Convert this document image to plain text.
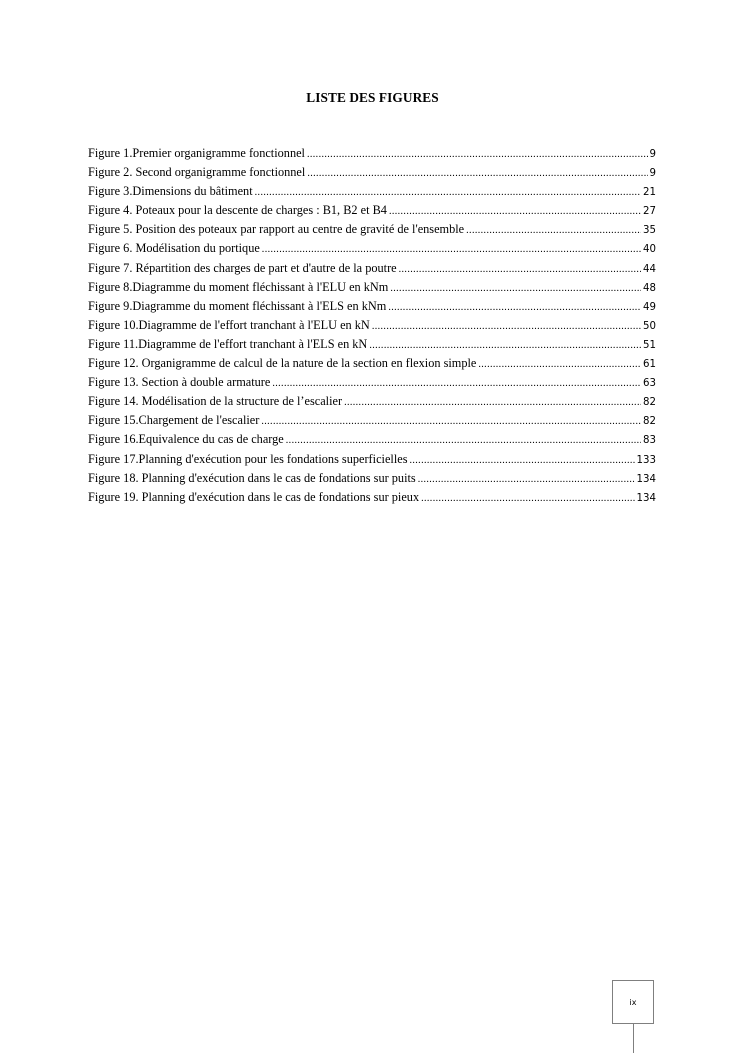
LISTE DES FIGURES
Figure 1.Premier organigramme fonctionnel .....	9
Figure 2. Second organigramme fonctionnel .....	9
Figure 3.Dimensions du bâtiment .....	21
Figure 4. Poteaux pour la descente de charges : B1, B2 et B4 .....	27
Figure 5. Position des poteaux par rapport au centre de gravité de l'ensemble .....	35
Figure 6. Modélisation du portique .....	40
Figure 7. Répartition des charges de part et d'autre de la poutre .....	44
Figure 8.Diagramme du moment fléchissant à l'ELU en kNm .....	48
Figure 9.Diagramme du moment fléchissant à l'ELS en kNm .....	49
Figure 10.Diagramme de l'effort tranchant à l'ELU en kN .....	50
Figure 11.Diagramme de l'effort tranchant à l'ELS en kN .....	51
Figure 12. Organigramme de calcul de la nature de la section en flexion simple .....	61
Figure 13. Section à double armature .....	63
Figure 14. Modélisation de la structure de l’escalier .....	82
Figure 15.Chargement de l'escalier .....	82
Figure 16.Equivalence du cas de charge .....	83
Figure 17.Planning d'exécution pour les fondations superficielles .....	133
Figure 18. Planning d'exécution dans le cas de fondations sur puits .....	134
Figure 19. Planning d'exécution dans le cas de fondations sur pieux .....	134
ix
